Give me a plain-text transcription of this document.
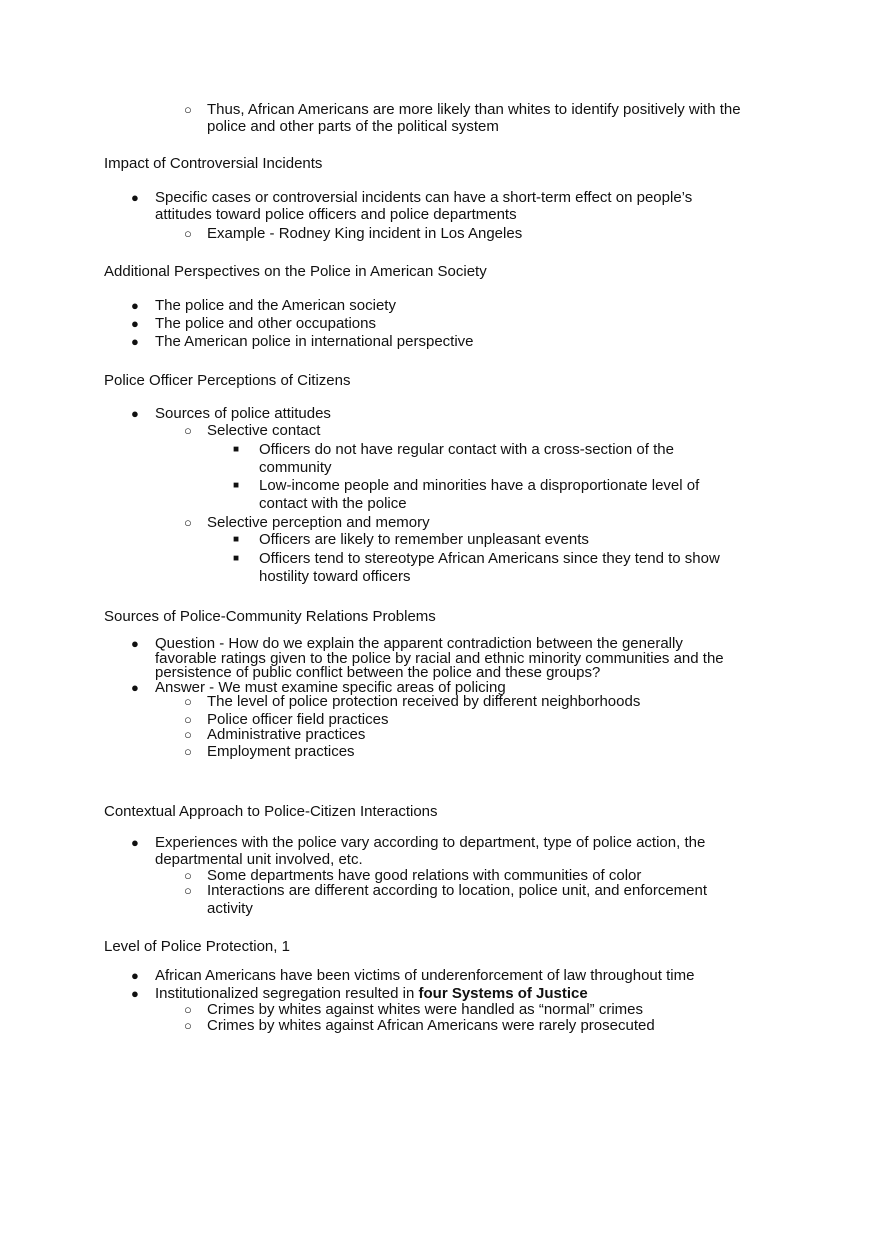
○ Thus, African Americans are more likely than whites to identify positively with the
police and other parts of the political system
Impact of Controversial Incidents
● Specific cases or controversial incidents can have a short-term effect on people’s
attitudes toward police officers and police departments
○ Example - Rodney King incident in Los Angeles
Additional Perspectives on the Police in American Society
● The police and the American society
● The police and other occupations
● The American police in international perspective
Police Officer Perceptions of Citizens
● Sources of police attitudes
○ Selective contact
■ Officers do not have regular contact with a cross-section of the
community
■ Low-income people and minorities have a disproportionate level of
contact with the police
○ Selective perception and memory
■ Officers are likely to remember unpleasant events
■ Officers tend to stereotype African Americans since they tend to show
hostility toward officers
Sources of Police-Community Relations Problems
● Question - How do we explain the apparent contradiction between the generally
favorable ratings given to the police by racial and ethnic minority communities and the
persistence of public conflict between the police and these groups?
● Answer - We must examine specific areas of policing
○ The level of police protection received by different neighborhoods
○ Police officer field practices
○ Administrative practices
○ Employment practices
Contextual Approach to Police-Citizen Interactions
● Experiences with the police vary according to department, type of police action, the
departmental unit involved, etc.
○ Some departments have good relations with communities of color
○ Interactions are different according to location, police unit, and enforcement
activity
Level of Police Protection, 1
● African Americans have been victims of underenforcement of law throughout time
● Institutionalized segregation resulted in four Systems of Justice
○ Crimes by whites against whites were handled as “normal” crimes
○ Crimes by whites against African Americans were rarely prosecuted
